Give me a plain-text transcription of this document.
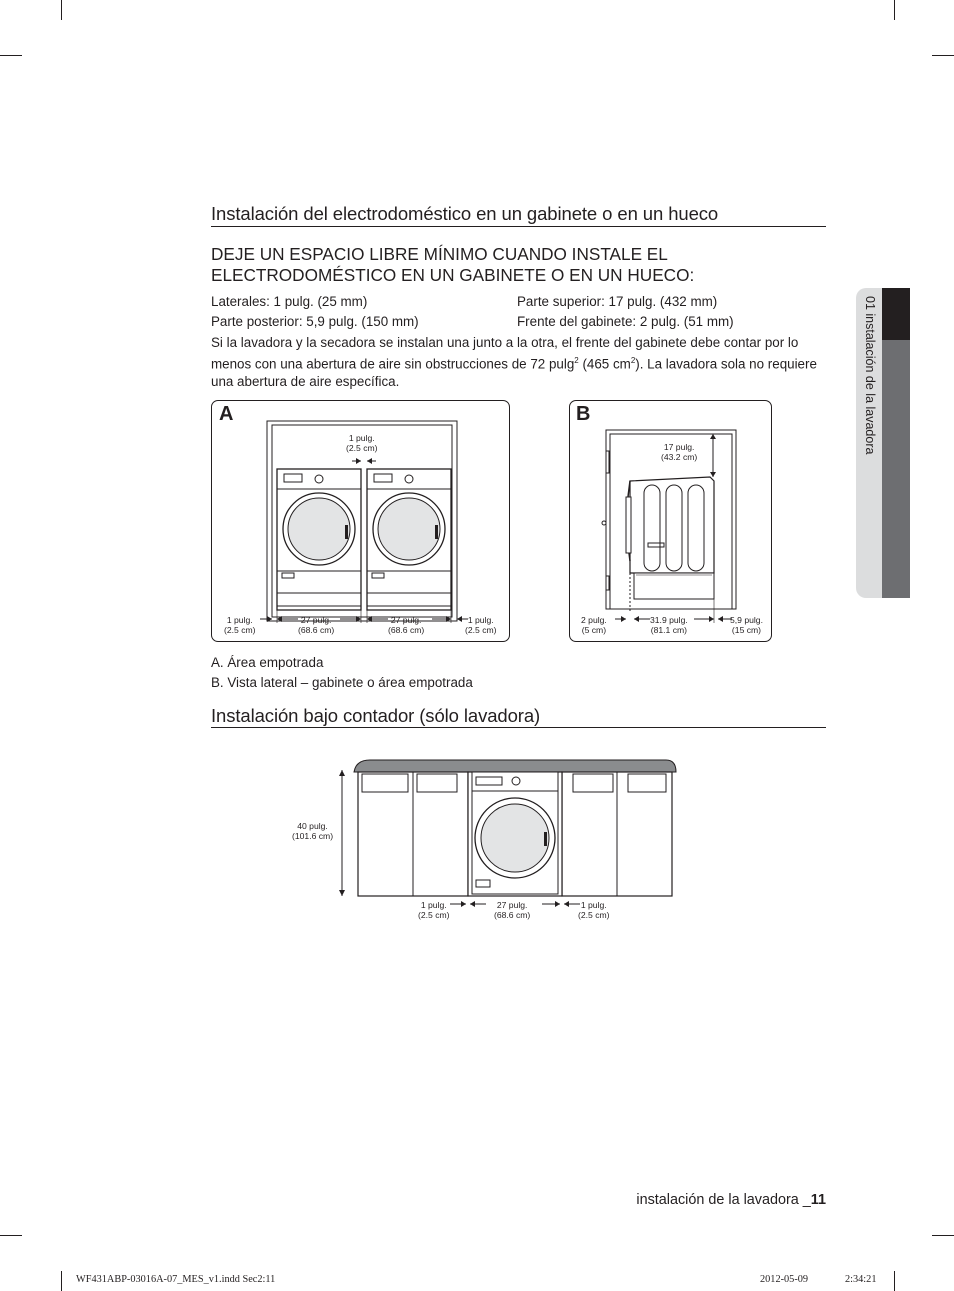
01 instalación de la lavadora
Instalación del electrodoméstico en un gabinete o en un hueco
DEJE UN ESPACIO LIBRE MÍNIMO CUANDO INSTALE EL
ELECTRODOMÉSTICO EN UN GABINETE O EN UN HUECO:
Laterales: 1 pulg. (25 mm)	Parte superior: 17 pulg. (432 mm)
Parte posterior: 5,9 pulg. (150 mm)	Frente del gabinete: 2 pulg. (51 mm)
Si la lavadora y la secadora se instalan una junto a la otra, el frente del gabinete debe contar por lo menos con una abertura de aire sin obstrucciones de 72 pulg$^2$ (465 $cm^2$). La lavadora sola no requiere una abertura de aire específica.
A
1 pulg.
(2.5 cm)
1 pulg.
(2.5 cm)
27 pulg.
(68.6 cm)
27 pulg.
(68.6 cm)
1 pulg.
(2.5 cm)
B
17 pulg.
(43.2 cm)
2 pulg.
(5 cm)
31.9 pulg.
(81.1 cm)
5,9 pulg.
(15 cm)
A. Área empotrada
B. Vista lateral – gabinete o área empotrada
Instalación bajo contador (sólo lavadora)
40 pulg.
(101.6 cm)
1 pulg.
(2.5 cm)
27 pulg.
(68.6 cm)
1 pulg.
(2.5 cm)
instalación de la lavadora _11
WF431ABP-03016A-07_MES_v1.indd Sec2:11	2012-05-09	2:34:21
